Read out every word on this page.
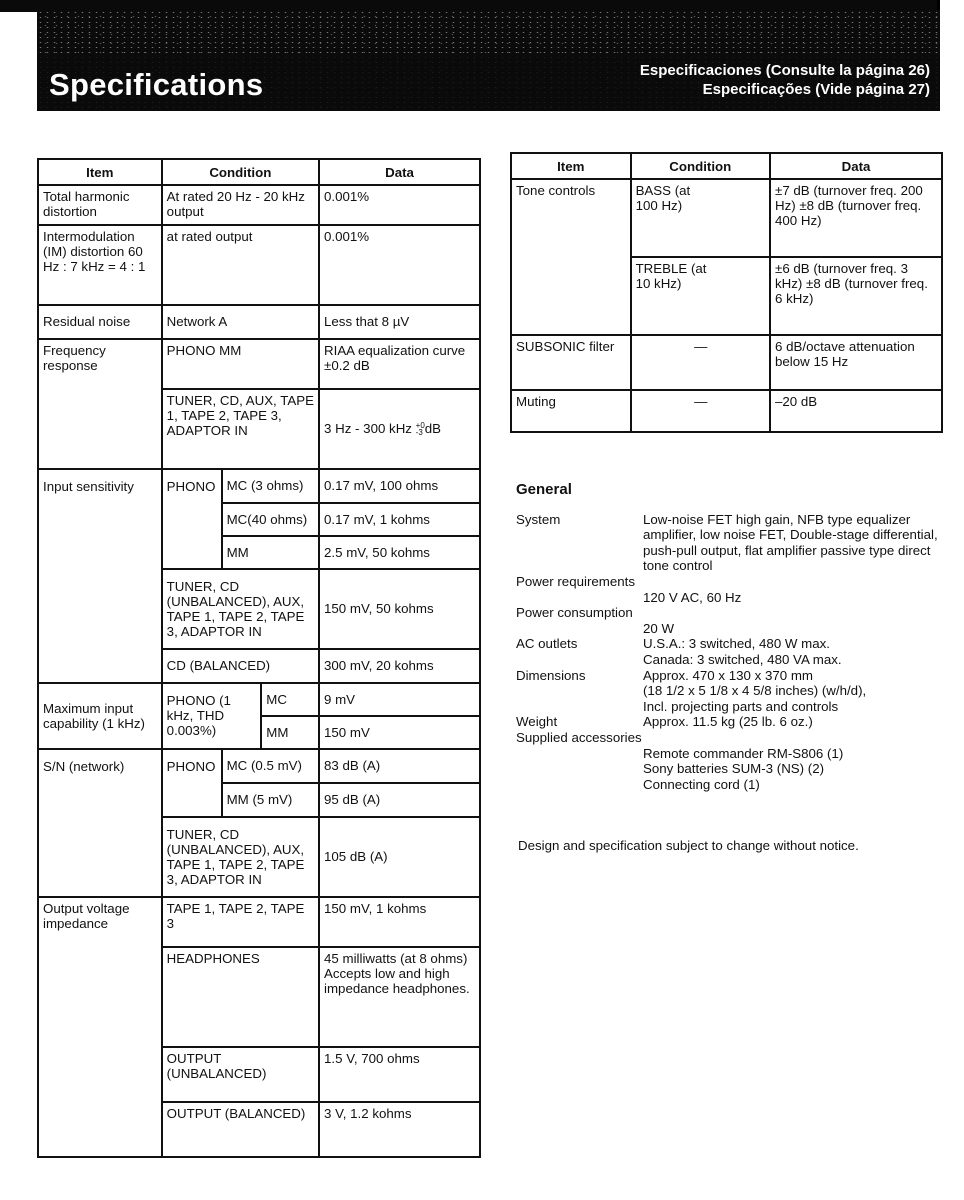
Specifications	Especificaciones (Consulte la página 26)
Especificações (Vide página 27)
Item	Condition			Data
Total harmonic distortion	At rated 20 Hz - 20 kHz output			0.001%
Intermodulation (IM) distortion 60 Hz : 7 kHz = 4 : 1	at rated output			0.001%
Residual noise	Network A			Less that 8 µV
Frequency response	PHONO MM			RIAA equalization curve ±0.2 dB
	TUNER, CD, AUX, TAPE 1, TAPE 2, TAPE 3, ADAPTOR IN			3 Hz - 300 kHz +0
-3 dB
Input sensitivity	PHONO	MC (3 ohms)		0.17 mV, 100 ohms
		MC(40 ohms)		0.17 mV, 1 kohms
		MM		2.5 mV, 50 kohms
	TUNER, CD (UNBALANCED), AUX, TAPE 1, TAPE 2, TAPE 3, ADAPTOR IN			150 mV, 50 kohms
	CD (BALANCED)			300 mV, 20 kohms
Maximum input capability (1 kHz)	PHONO (1 kHz, THD 0.003%)		MC	9 mV
			MM	150 mV
S/N (network)	PHONO	MC (0.5 mV)		83 dB (A)
		MM (5 mV)		95 dB (A)
	TUNER, CD (UNBALANCED), AUX, TAPE 1, TAPE 2, TAPE 3, ADAPTOR IN			105 dB (A)
Output voltage impedance	TAPE 1, TAPE 2, TAPE 3			150 mV, 1 kohms
	HEADPHONES			45 milliwatts (at 8 ohms) Accepts low and high impedance headphones.
	OUTPUT (UNBALANCED)			1.5 V, 700 ohms
	OUTPUT (BALANCED)			3 V, 1.2 kohms
Item	Condition	Data
Tone controls	BASS (at 100 Hz)	±7 dB (turnover freq. 200 Hz) ±8 dB (turnover freq. 400 Hz)

	TREBLE (at 10 kHz)	±6 dB (turnover freq. 3 kHz) ±8 dB (turnover freq. 6 kHz)
SUBSONIC filter	—	6 dB/octave attenuation below 15 Hz
Muting	—	–20 dB
General
System	Low-noise FET high gain, NFB type equalizer amplifier, low noise FET, Double-stage differential, push-pull output, flat amplifier passive type direct tone control
Power requirements
120 V AC, 60 Hz
Power consumption
20 W
AC outlets	U.S.A.: 3 switched, 480 W max.
Canada: 3 switched, 480 VA max.
Dimensions	Approx. 470 x 130 x 370 mm
(18 1/2 x 5 1/8 x 4 5/8 inches) (w/h/d),
Incl. projecting parts and controls
Weight	Approx. 11.5 kg (25 lb. 6 oz.)
Supplied accessories
Remote commander RM-S806 (1)
Sony batteries SUM-3 (NS) (2)
Connecting cord (1)
Design and specification subject to change without notice.
